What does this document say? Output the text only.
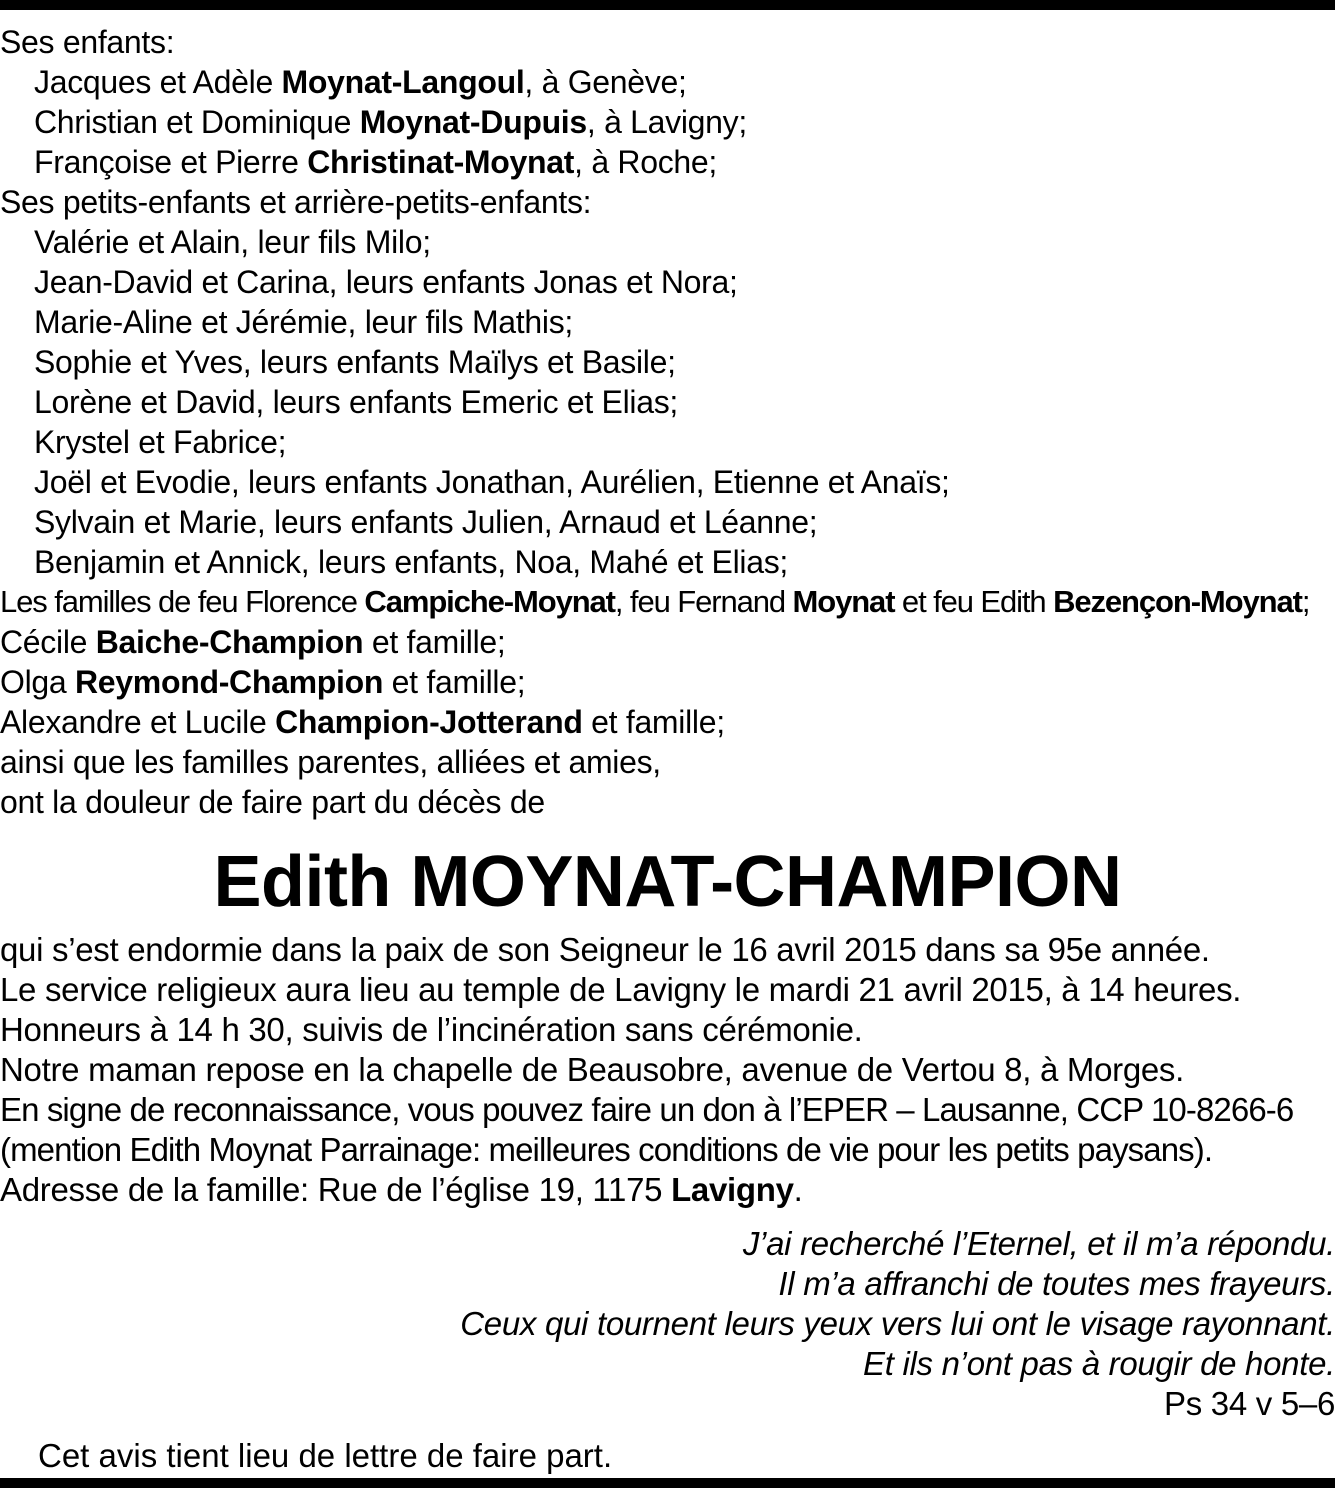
Ses enfants:
Jacques et Adèle Moynat-Langoul, à Genève;
Christian et Dominique Moynat-Dupuis, à Lavigny;
Françoise et Pierre Christinat-Moynat, à Roche;
Ses petits-enfants et arrière-petits-enfants:
Valérie et Alain, leur fils Milo;
Jean-David et Carina, leurs enfants Jonas et Nora;
Marie-Aline et Jérémie, leur fils Mathis;
Sophie et Yves, leurs enfants Maïlys et Basile;
Lorène et David, leurs enfants Emeric et Elias;
Krystel et Fabrice;
Joël et Evodie, leurs enfants Jonathan, Aurélien, Etienne et Anaïs;
Sylvain et Marie, leurs enfants Julien, Arnaud et Léanne;
Benjamin et Annick, leurs enfants, Noa, Mahé et Elias;
Les familles de feu Florence Campiche-Moynat, feu Fernand Moynat et feu Edith Bezençon-Moynat;
Cécile Baiche-Champion et famille;
Olga Reymond-Champion et famille;
Alexandre et Lucile Champion-Jotterand et famille;
ainsi que les familles parentes, alliées et amies,
ont la douleur de faire part du décès de
Edith MOYNAT-CHAMPION
qui s’est endormie dans la paix de son Seigneur le 16 avril 2015 dans sa 95e année.
Le service religieux aura lieu au temple de Lavigny le mardi 21 avril 2015, à 14 heures.
Honneurs à 14 h 30, suivis de l’incinération sans cérémonie.
Notre maman repose en la chapelle de Beausobre, avenue de Vertou 8, à Morges.
En signe de reconnaissance, vous pouvez faire un don à l’EPER – Lausanne, CCP 10-8266-6
(mention Edith Moynat Parrainage: meilleures conditions de vie pour les petits paysans).
Adresse de la famille: Rue de l’église 19, 1175 Lavigny.
J’ai recherché l’Eternel, et il m’a répondu.
Il m’a affranchi de toutes mes frayeurs.
Ceux qui tournent leurs yeux vers lui ont le visage rayonnant.
Et ils n’ont pas à rougir de honte.
Ps 34 v 5–6
Cet avis tient lieu de lettre de faire part.
